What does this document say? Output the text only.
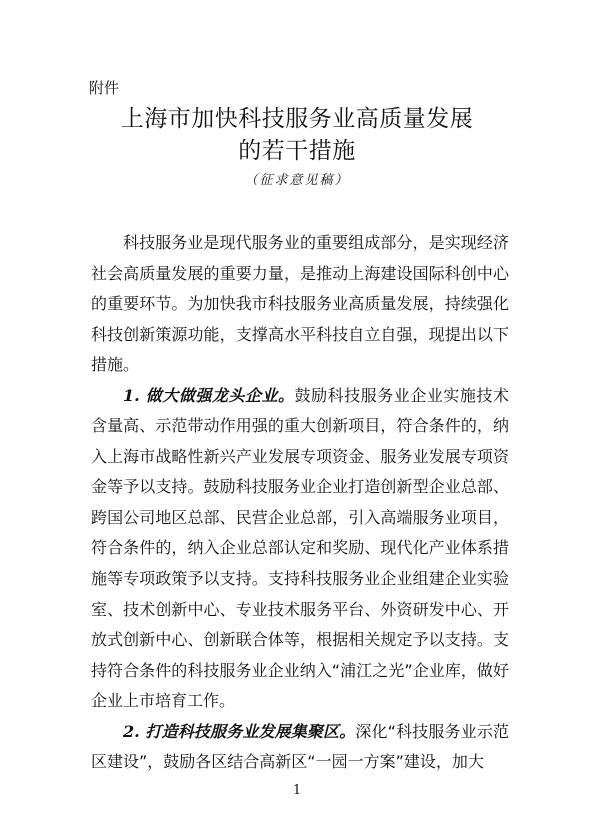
附件
上海市加快科技服务业高质量发展
的若干措施
（征求意见稿）

科技服务业是现代服务业的重要组成部分，是实现经济社会高质量发展的重要力量，是推动上海建设国际科创中心的重要环节。为加快我市科技服务业高质量发展，持续强化科技创新策源功能，支撑高水平科技自立自强，现提出以下措施。

1. 做大做强龙头企业。鼓励科技服务业企业实施技术含量高、示范带动作用强的重大创新项目，符合条件的，纳入上海市战略性新兴产业发展专项资金、服务业发展专项资金等予以支持。鼓励科技服务业企业打造创新型企业总部、跨国公司地区总部、民营企业总部，引入高端服务业项目，符合条件的，纳入企业总部认定和奖励、现代化产业体系措施等专项政策予以支持。支持科技服务业企业组建企业实验室、技术创新中心、专业技术服务平台、外资研发中心、开放式创新中心、创新联合体等，根据相关规定予以支持。支持符合条件的科技服务业企业纳入“浦江之光”企业库，做好企业上市培育工作。

2. 打造科技服务业发展集聚区。深化“科技服务业示范区建设”，鼓励各区结合高新区“一园一方案”建设，加大

1
